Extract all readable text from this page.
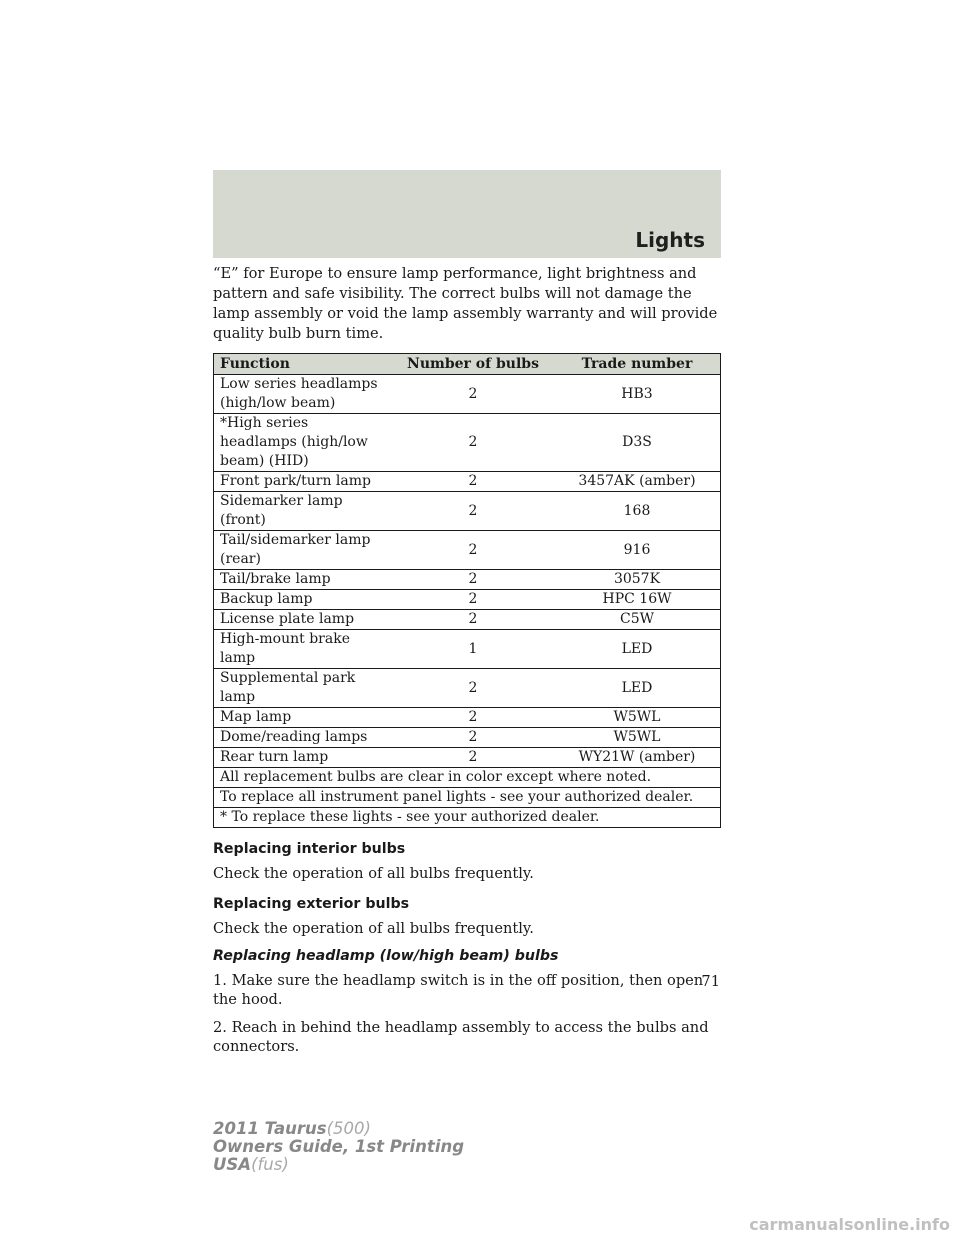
Lights

“E” for Europe to ensure lamp performance, light brightness and pattern and safe visibility. The correct bulbs will not damage the lamp assembly or void the lamp assembly warranty and will provide quality bulb burn time.

Function	Number of bulbs	Trade number
Low series headlamps (high/low beam)	2	HB3
*High series headlamps (high/low beam) (HID)	2	D3S
Front park/turn lamp	2	3457AK (amber)
Sidemarker lamp (front)	2	168
Tail/sidemarker lamp (rear)	2	916
Tail/brake lamp	2	3057K
Backup lamp	2	HPC 16W
License plate lamp	2	C5W
High-mount brake lamp	1	LED
Supplemental park lamp	2	LED
Map lamp	2	W5WL
Dome/reading lamps	2	W5WL
Rear turn lamp	2	WY21W (amber)
All replacement bulbs are clear in color except where noted.		
To replace all instrument panel lights - see your authorized dealer.		
* To replace these lights - see your authorized dealer.		
Replacing interior bulbs

Check the operation of all bulbs frequently.

Replacing exterior bulbs

Check the operation of all bulbs frequently.

Replacing headlamp (low/high beam) bulbs

1. Make sure the headlamp switch is in the off position, then open the hood.

2. Reach in behind the headlamp assembly to access the bulbs and connectors.

71
2011 Taurus(500)
Owners Guide, 1st Printing
USA(fus)
carmanualsonline.info
